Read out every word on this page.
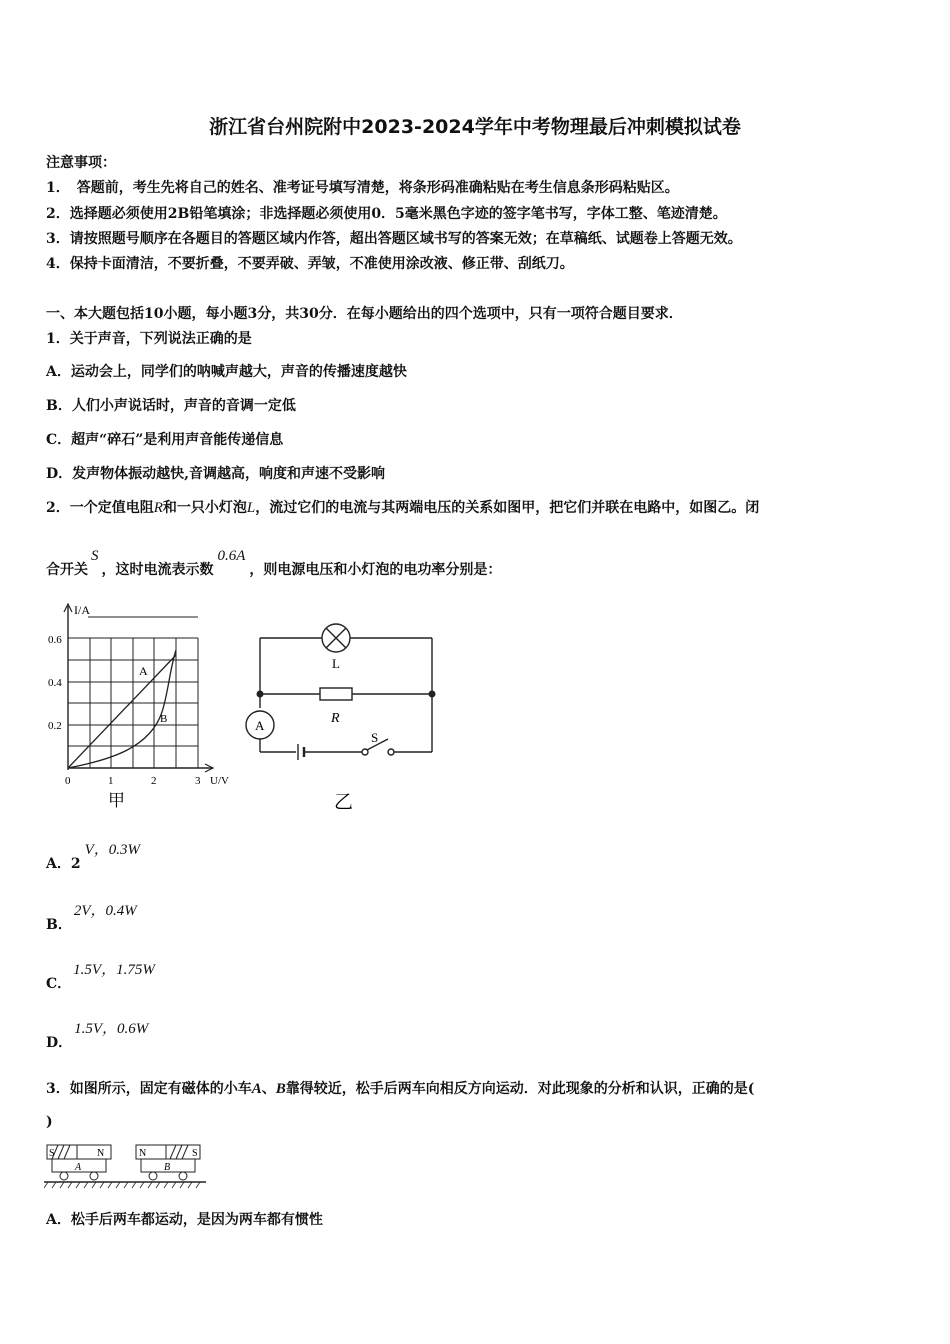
浙江省台州院附中2023-2024学年中考物理最后冲刺模拟试卷
注意事项：
1．　答题前，考生先将自己的姓名、准考证号填写清楚，将条形码准确粘贴在考生信息条形码粘贴区。
2．选择题必须使用2B铅笔填涂；非选择题必须使用0．5毫米黑色字迹的签字笔书写，字体工整、笔迹清楚。
3．请按照题号顺序在各题目的答题区域内作答，超出答题区域书写的答案无效；在草稿纸、试题卷上答题无效。
4．保持卡面清洁，不要折叠，不要弄破、弄皱，不准使用涂改液、修正带、刮纸刀。
一、本大题包括10小题，每小题3分，共30分．在每小题给出的四个选项中，只有一项符合题目要求．
1．关于声音，下列说法正确的是
A．运动会上，同学们的呐喊声越大，声音的传播速度越快
B．人们小声说话时，声音的音调一定低
C．超声“碎石”是利用声音能传递信息
D．发声物体振动越快,音调越高，响度和声速不受影响
2．一个定值电阻R和一只小灯泡L，流过它们的电流与其两端电压的关系如图甲，把它们并联在电路中，如图乙。闭
合开关S，这时电流表示数0.6A，则电源电压和小灯泡的电功率分别是：
I/A
0.6
0.4
0.2
0	1	2	3 U/V
A
B
甲
L
R
A
S
乙
A．2V，0.3W
B．2V，0.4W
C．1.5V，1.75W
D．1.5V，0.6W
3．如图所示，固定有磁体的小车A、B靠得较近，松手后两车向相反方向运动．对此现象的分析和认识，正确的是(
)
S	N	N	S
A	B
A．松手后两车都运动，是因为两车都有惯性
